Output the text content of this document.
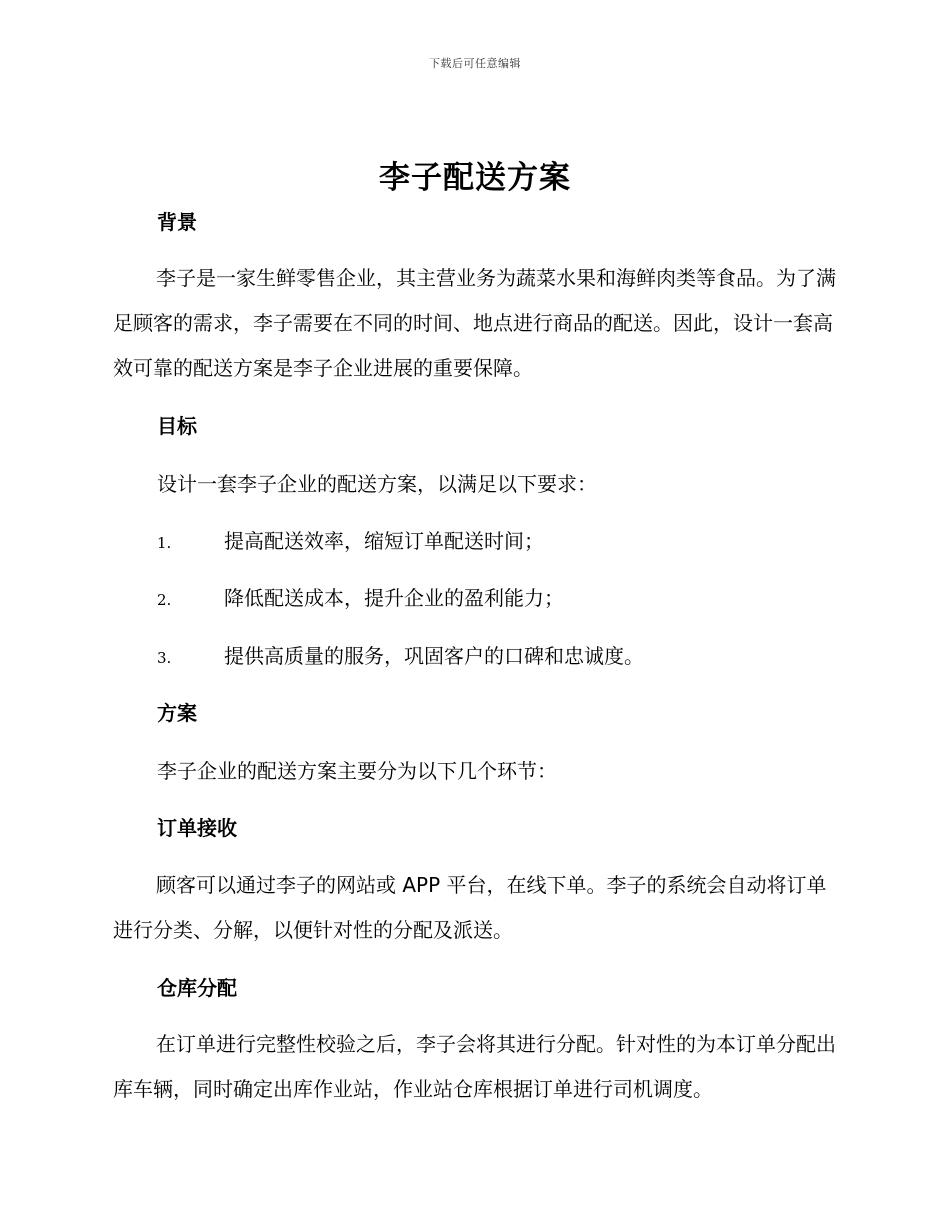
下载后可任意编辑
李子配送方案
背景
李子是一家生鲜零售企业，其主营业务为蔬菜水果和海鲜肉类等食品。为了满足顾客的需求，李子需要在不同的时间、地点进行商品的配送。因此，设计一套高效可靠的配送方案是李子企业进展的重要保障。
目标
设计一套李子企业的配送方案，以满足以下要求：
1.	提高配送效率，缩短订单配送时间；
2.	降低配送成本，提升企业的盈利能力；
3.	提供高质量的服务，巩固客户的口碑和忠诚度。
方案
李子企业的配送方案主要分为以下几个环节：
订单接收
顾客可以通过李子的网站或 APP 平台，在线下单。李子的系统会自动将订单进行分类、分解，以便针对性的分配及派送。
仓库分配
在订单进行完整性校验之后，李子会将其进行分配。针对性的为本订单分配出库车辆，同时确定出库作业站，作业站仓库根据订单进行司机调度。
